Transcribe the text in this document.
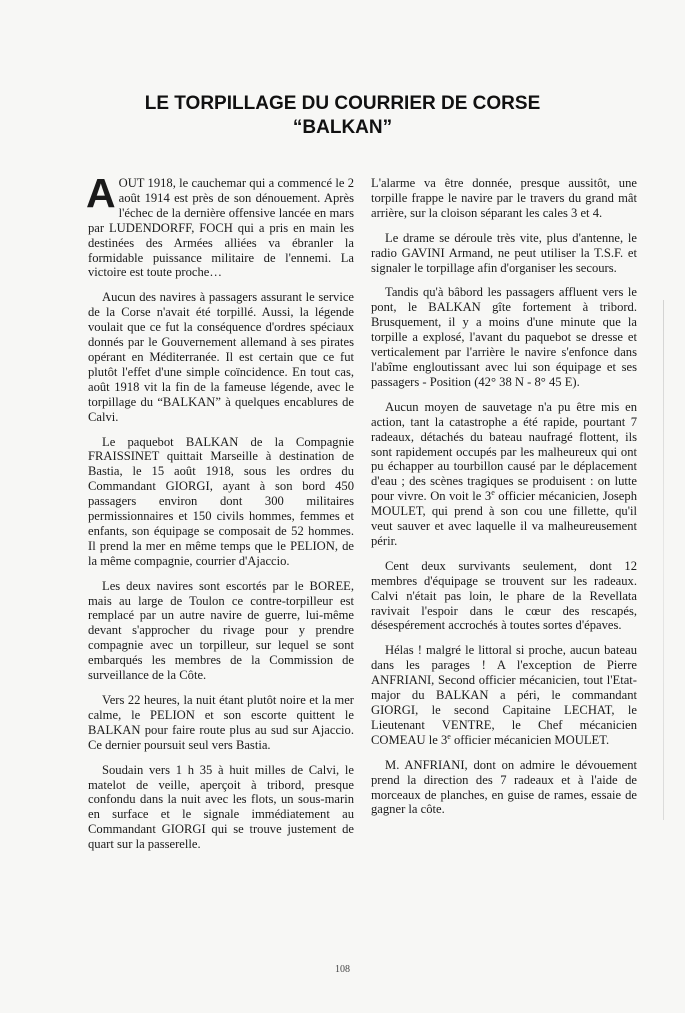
LE TORPILLAGE DU COURRIER DE CORSE
“BALKAN”

AOUT 1918, le cauchemar qui a commencé le 2 août 1914 est près de son dénouement. Après l'échec de la dernière offensive lancée en mars par LUDENDORFF, FOCH qui a pris en main les destinées des Armées alliées va ébranler la formidable puissance militaire de l'ennemi. La victoire est toute proche…

Aucun des navires à passagers assurant le service de la Corse n'avait été torpillé. Aussi, la légende voulait que ce fut la conséquence d'ordres spéciaux donnés par le Gouvernement allemand à ses pirates opérant en Méditerranée. Il est certain que ce fut plutôt l'effet d'une simple coïncidence. En tout cas, août 1918 vit la fin de la fameuse légende, avec le torpillage du “BALKAN” à quelques encablures de Calvi.

Le paquebot BALKAN de la Compagnie FRAISSINET quittait Marseille à destination de Bastia, le 15 août 1918, sous les ordres du Commandant GIORGI, ayant à son bord 450 passagers environ dont 300 militaires permissionnaires et 150 civils hommes, femmes et enfants, son équipage se composait de 52 hommes. Il prend la mer en même temps que le PELION, de la même compagnie, courrier d'Ajaccio.

Les deux navires sont escortés par le BOREE, mais au large de Toulon ce contre-torpilleur est remplacé par un autre navire de guerre, lui-même devant s'approcher du rivage pour y prendre compagnie avec un torpilleur, sur lequel se sont embarqués les membres de la Commission de surveillance de la Côte.

Vers 22 heures, la nuit étant plutôt noire et la mer calme, le PELION et son escorte quittent le BALKAN pour faire route plus au sud sur Ajaccio. Ce dernier poursuit seul vers Bastia.

Soudain vers 1 h 35 à huit milles de Calvi, le matelot de veille, aperçoit à tribord, presque confondu dans la nuit avec les flots, un sous-marin en surface et le signale immédiatement au Commandant GIORGI qui se trouve justement de quart sur la passerelle.

L'alarme va être donnée, presque aussitôt, une torpille frappe le navire par le travers du grand mât arrière, sur la cloison séparant les cales 3 et 4.

Le drame se déroule très vite, plus d'antenne, le radio GAVINI Armand, ne peut utiliser la T.S.F. et signaler le torpillage afin d'organiser les secours.

Tandis qu'à bâbord les passagers affluent vers le pont, le BALKAN gîte fortement à tribord. Brusquement, il y a moins d'une minute que la torpille a explosé, l'avant du paquebot se dresse et verticalement par l'arrière le navire s'enfonce dans l'abîme engloutissant avec lui son équipage et ses passagers - Position (42° 38 N - 8° 45 E).

Aucun moyen de sauvetage n'a pu être mis en action, tant la catastrophe a été rapide, pourtant 7 radeaux, détachés du bateau naufragé flottent, ils sont rapidement occupés par les malheureux qui ont pu échapper au tourbillon causé par le déplacement d'eau ; des scènes tragiques se produisent : on lutte pour vivre. On voit le 3e officier mécanicien, Joseph MOULET, qui prend à son cou une fillette, qu'il veut sauver et avec laquelle il va malheureusement périr.

Cent deux survivants seulement, dont 12 membres d'équipage se trouvent sur les radeaux. Calvi n'était pas loin, le phare de la Revellata ravivait l'espoir dans le cœur des rescapés, désespérement accrochés à toutes sortes d'épaves.

Hélas ! malgré le littoral si proche, aucun bateau dans les parages ! A l'exception de Pierre ANFRIANI, Second officier mécanicien, tout l'Etat-major du BALKAN a péri, le commandant GIORGI, le second Capitaine LECHAT, le Lieutenant VENTRE, le Chef mécanicien COMEAU le 3e officier mécanicien MOULET.

M. ANFRIANI, dont on admire le dévouement prend la direction des 7 radeaux et à l'aide de morceaux de planches, en guise de rames, essaie de gagner la côte.

108
